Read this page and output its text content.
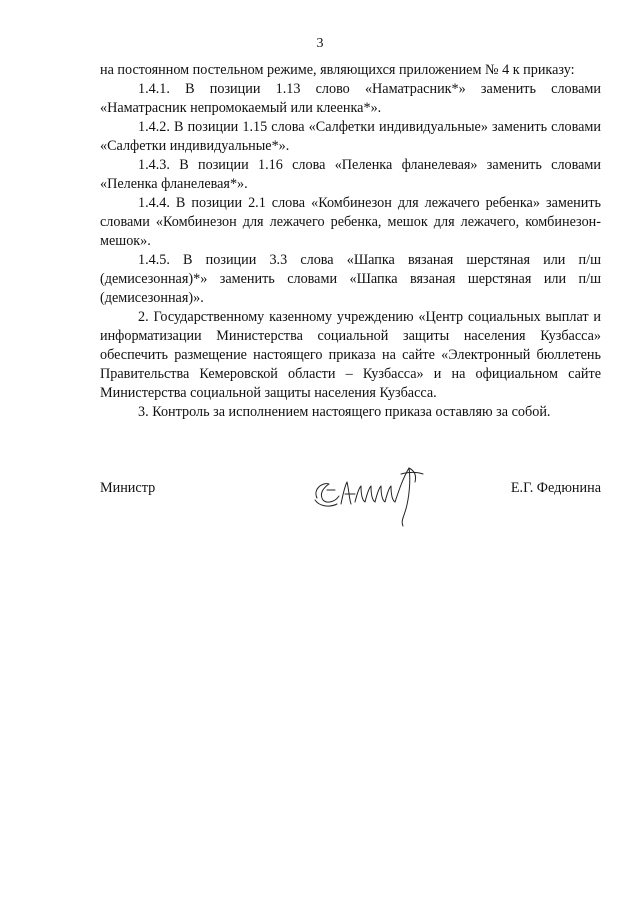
3

на постоянном постельном режиме, являющихся приложением № 4 к приказу:

1.4.1. В позиции 1.13 слово «Наматрасник*» заменить словами «Наматрасник непромокаемый или клеенка*».

1.4.2. В позиции 1.15 слова «Салфетки индивидуальные» заменить словами «Салфетки индивидуальные*».

1.4.3. В позиции 1.16 слова «Пеленка фланелевая» заменить словами «Пеленка фланелевая*».

1.4.4. В позиции 2.1 слова «Комбинезон для лежачего ребенка» заменить словами «Комбинезон для лежачего ребенка, мешок для лежачего, комбинезон-мешок».

1.4.5. В позиции 3.3 слова «Шапка вязаная шерстяная или п/ш (демисезонная)*» заменить словами «Шапка вязаная шерстяная или п/ш (демисезонная)».

2. Государственному казенному учреждению «Центр социальных выплат и информатизации Министерства социальной защиты населения Кузбасса» обеспечить размещение настоящего приказа на сайте «Электронный бюллетень Правительства Кемеровской области – Кузбасса» и на официальном сайте Министерства социальной защиты населения Кузбасса.

3. Контроль за исполнением настоящего приказа оставляю за собой.

Министр	Е.Г. Федюнина
